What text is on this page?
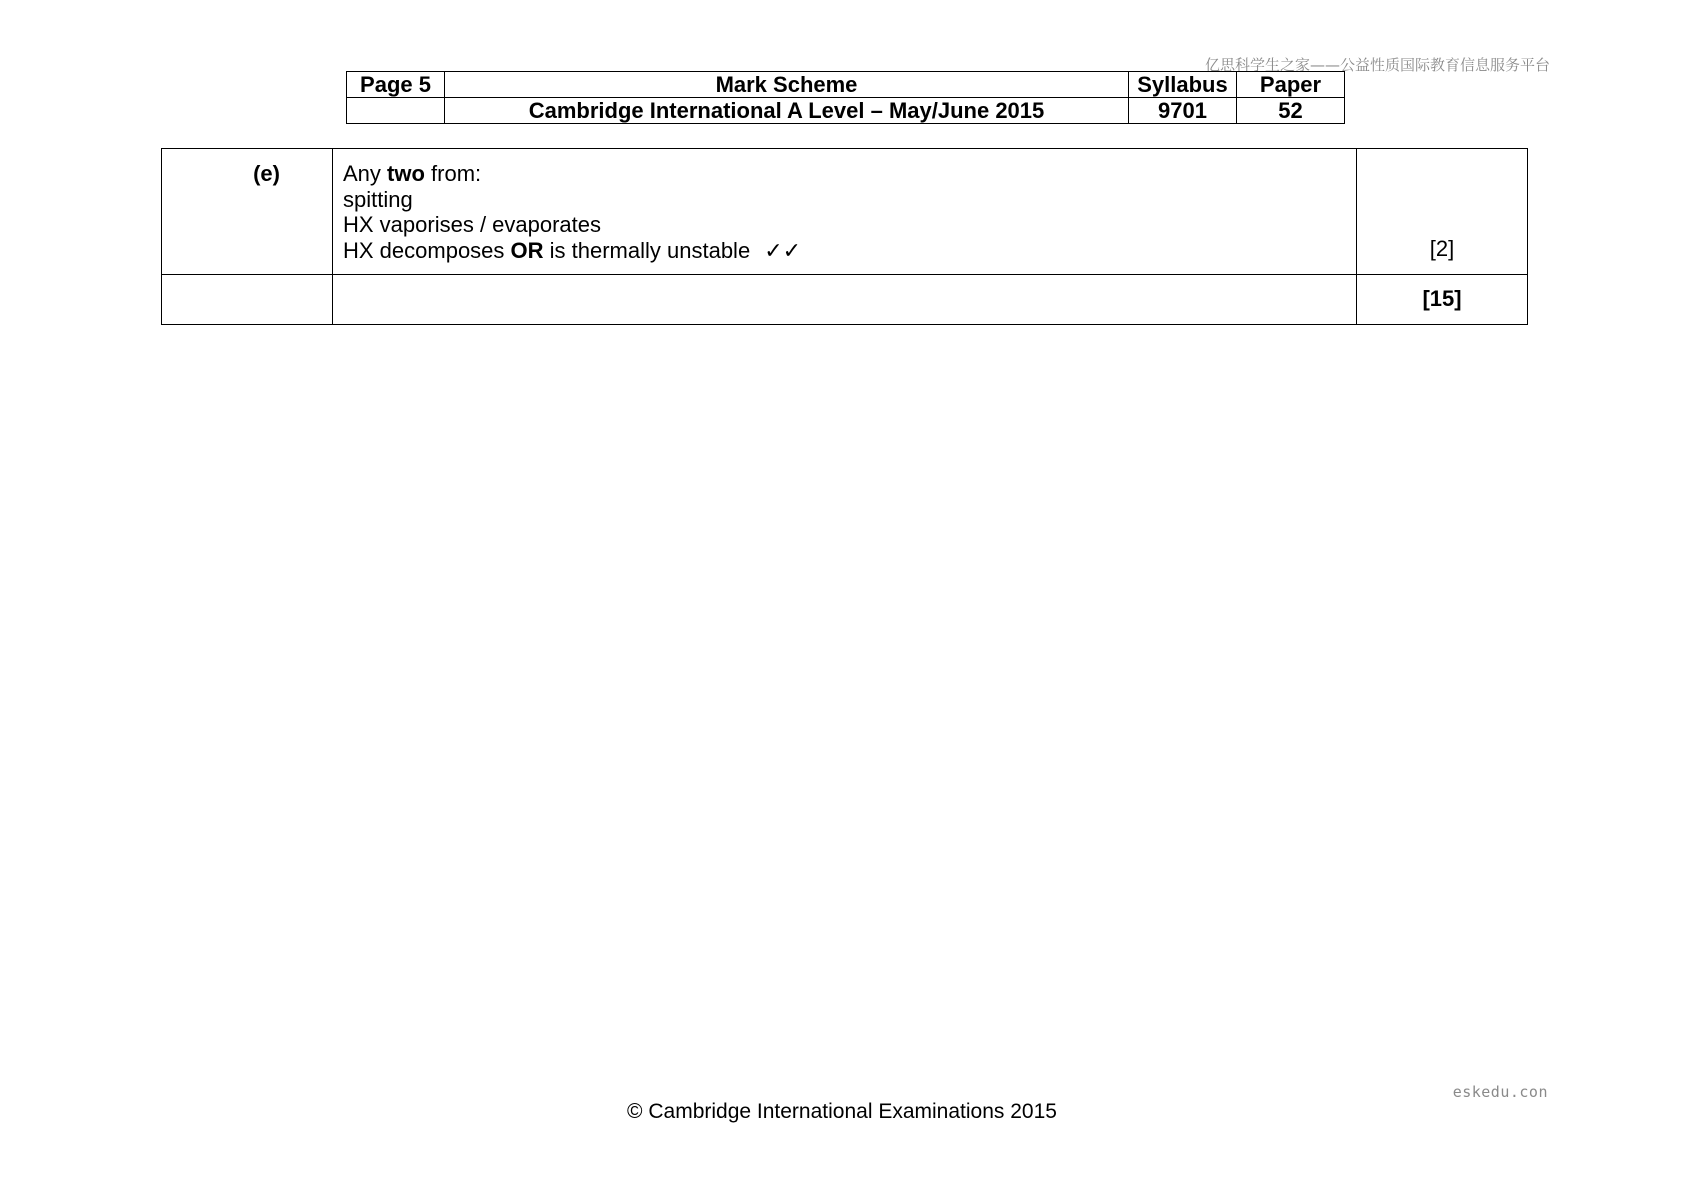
亿思科学生之家——公益性质国际教育信息服务平台
Page 5	Mark Scheme	Syllabus	Paper
	Cambridge International A Level – May/June 2015	9701	52
(e)	Any two from:
spitting
HX vaporises / evaporates
HX decomposes OR is thermally unstable ✓✓	[2]

		[15]
eskedu.con
© Cambridge International Examinations 2015
